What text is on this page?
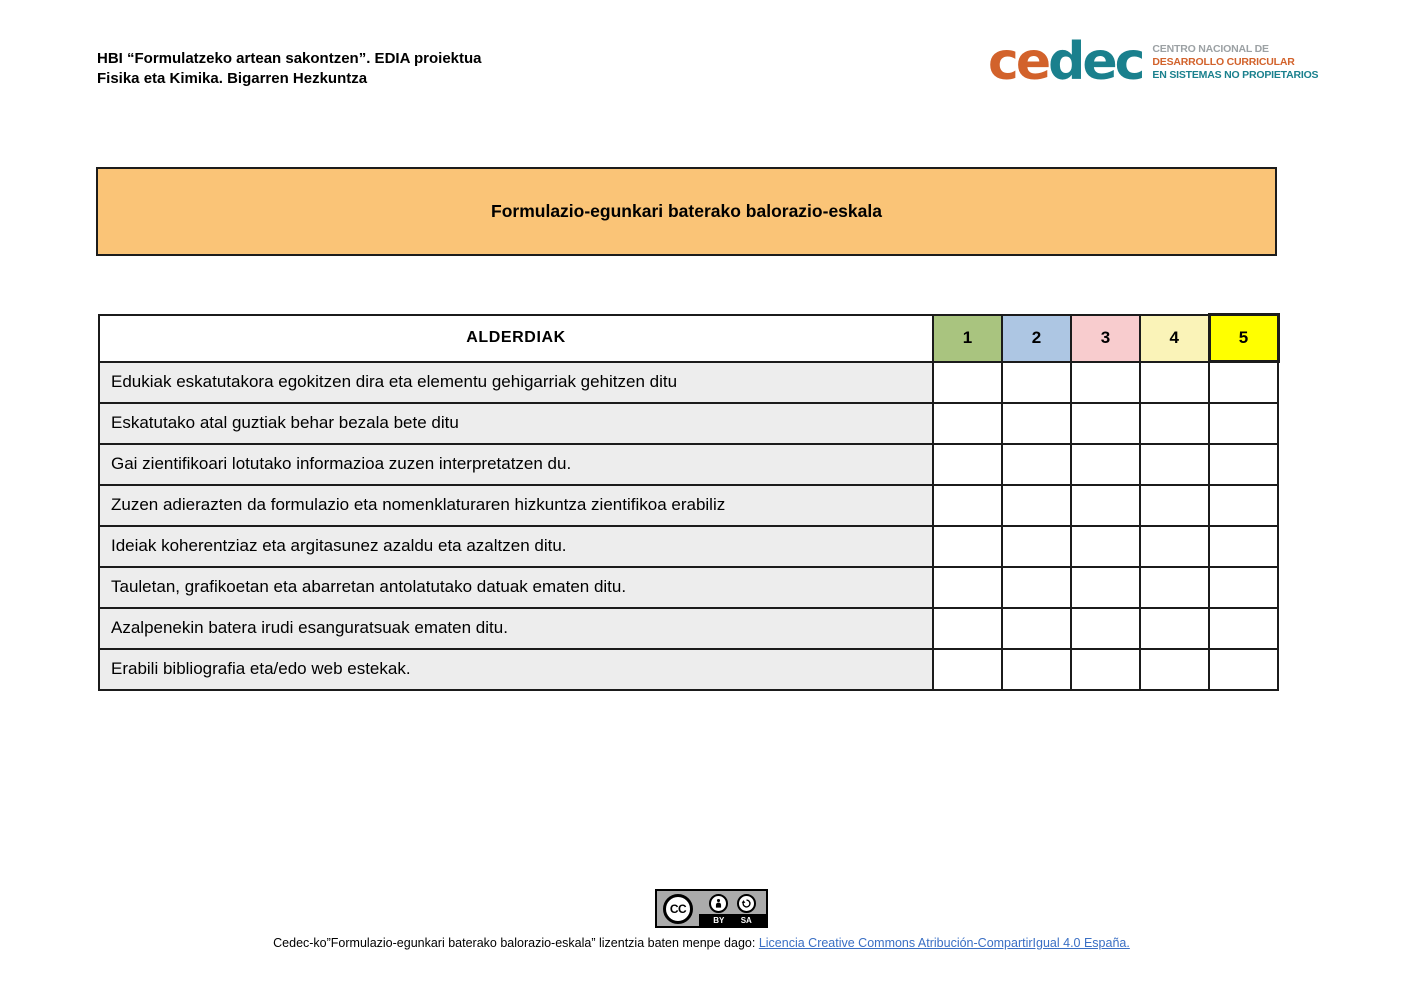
HBI “Formulatzeko artean sakontzen”. EDIA proiektua
Fisika eta Kimika. Bigarren Hezkuntza	cedec CENTRO NACIONAL DE
DESARROLLO CURRICULAR
EN SISTEMAS NO PROPIETARIOS
Formulazio-egunkari baterako balorazio-eskala
ALDERDIAK	1	2	3	4	5
Edukiak eskatutakora egokitzen dira eta elementu gehigarriak gehitzen ditu					
Eskatutako atal guztiak behar bezala bete ditu					
Gai zientifikoari lotutako informazioa zuzen interpretatzen du.					
Zuzen adierazten da formulazio eta nomenklaturaren hizkuntza zientifikoa erabiliz					
Ideiak koherentziaz eta argitasunez azaldu eta azaltzen ditu.					
Tauletan, grafikoetan eta abarretan antolatutako datuak ematen ditu.					
Azalpenekin batera irudi esanguratsuak ematen ditu.					
Erabili bibliografia eta/edo web estekak.					
CC
BY SA
Cedec-ko”Formulazio-egunkari baterako balorazio-eskala” lizentzia baten menpe dago: Licencia Creative Commons Atribución-CompartirIgual 4.0 España.
